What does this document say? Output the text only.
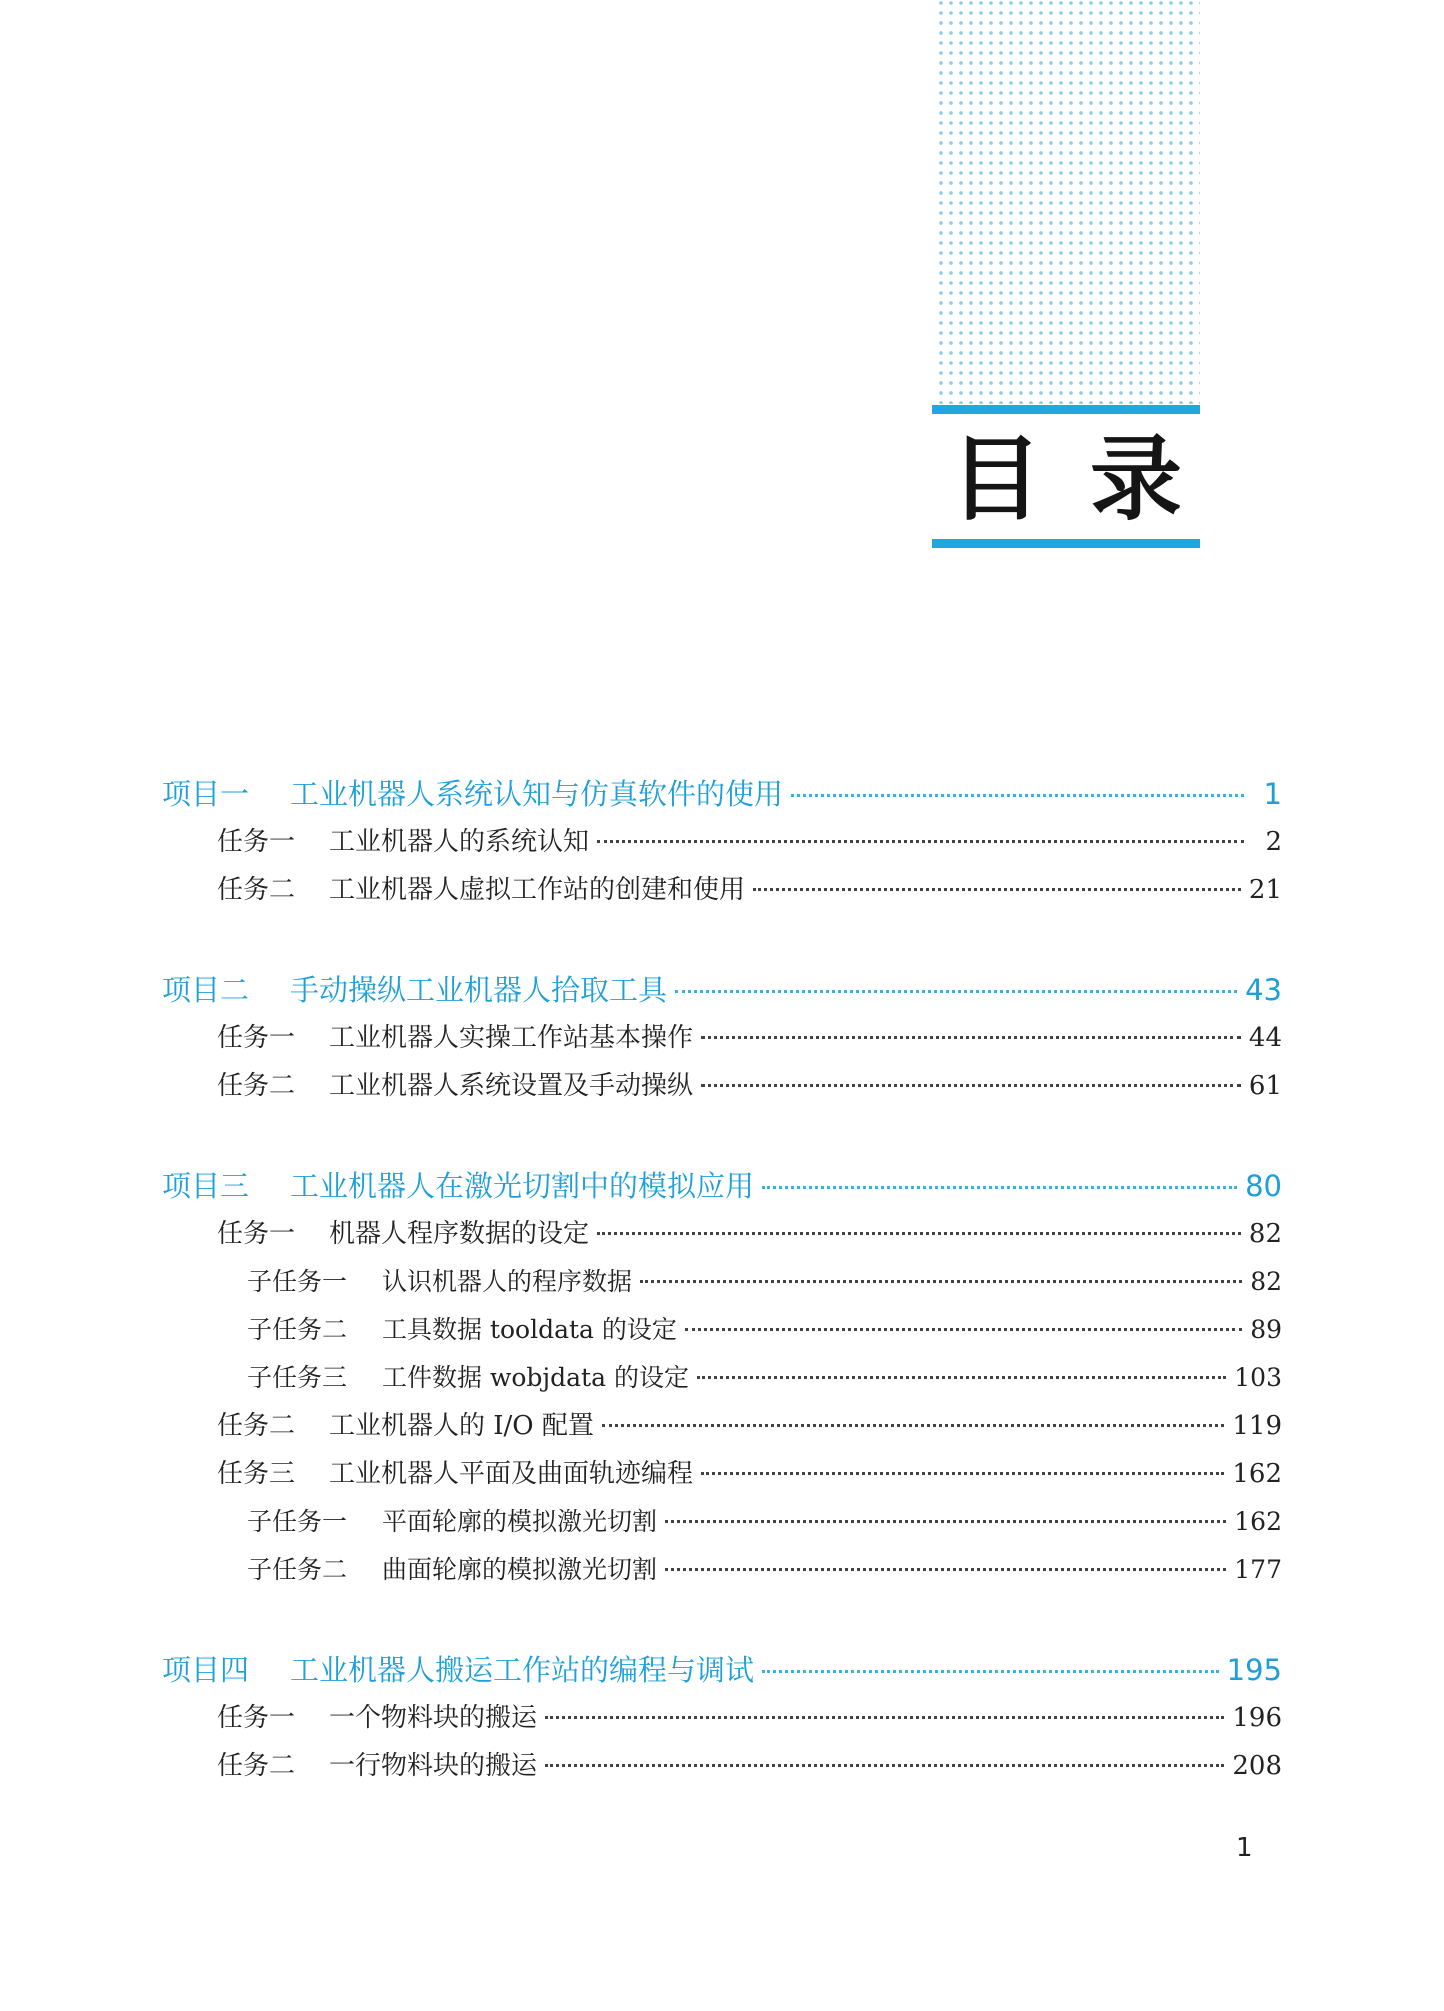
目 录
项目一	工业机器人系统认知与仿真软件的使用	1
任务一	工业机器人的系统认知	2
任务二	工业机器人虚拟工作站的创建和使用	21
项目二	手动操纵工业机器人拾取工具	43
任务一	工业机器人实操工作站基本操作	44
任务二	工业机器人系统设置及手动操纵	61
项目三	工业机器人在激光切割中的模拟应用	80
任务一	机器人程序数据的设定	82
子任务一	认识机器人的程序数据	82
子任务二	工具数据 tooldata 的设定	89
子任务三	工件数据 wobjdata 的设定	103
任务二	工业机器人的 I/O 配置	119
任务三	工业机器人平面及曲面轨迹编程	162
子任务一	平面轮廓的模拟激光切割	162
子任务二	曲面轮廓的模拟激光切割	177
项目四	工业机器人搬运工作站的编程与调试	195
任务一	一个物料块的搬运	196
任务二	一行物料块的搬运	208
1
